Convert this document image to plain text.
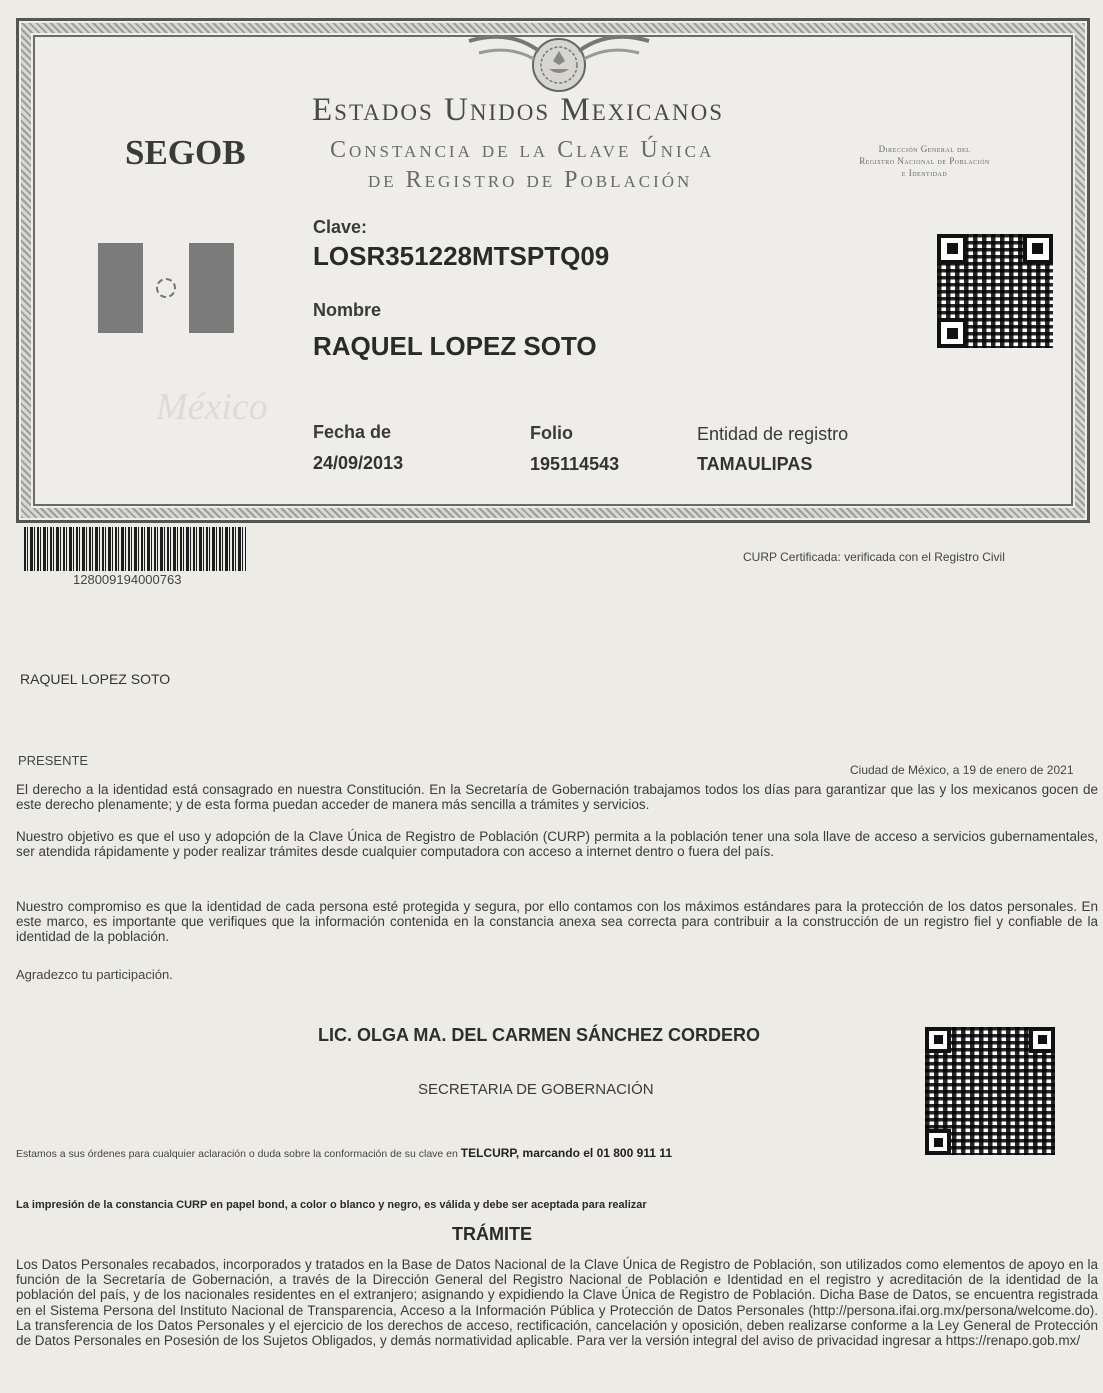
SEGOB
Estados Unidos Mexicanos
Constancia de la Clave Única
de Registro de Población
Dirección General del
Registro Nacional de Población
e Identidad
México
Clave:
LOSR351228MTSPTQ09
Nombre
RAQUEL LOPEZ SOTO
Fecha de
24/09/2013
Folio
195114543
Entidad de registro
TAMAULIPAS
128009194000763
CURP Certificada: verificada con el Registro Civil
RAQUEL LOPEZ SOTO
PRESENTE
Ciudad de México, a 19 de enero de 2021

El derecho a la identidad está consagrado en nuestra Constitución. En la Secretaría de Gobernación trabajamos todos los días para garantizar que las y los mexicanos gocen de este derecho plenamente; y de esta forma puedan acceder de manera más sencilla a trámites y servicios.

Nuestro objetivo es que el uso y adopción de la Clave Única de Registro de Población (CURP) permita a la población tener una sola llave de acceso a servicios gubernamentales, ser atendida rápidamente y poder realizar trámites desde cualquier computadora con acceso a internet dentro o fuera del país.

Nuestro compromiso es que la identidad de cada persona esté protegida y segura, por ello contamos con los máximos estándares para la protección de los datos personales. En este marco, es importante que verifiques que la información contenida en la constancia anexa sea correcta para contribuir a la construcción de un registro fiel y confiable de la identidad de la población.

Agradezco tu participación.
LIC. OLGA MA. DEL CARMEN SÁNCHEZ CORDERO
SECRETARIA DE GOBERNACIÓN
Estamos a sus órdenes para cualquier aclaración o duda sobre la conformación de su clave en TELCURP, marcando el 01 800 911 11
La impresión de la constancia CURP en papel bond, a color o blanco y negro, es válida y debe ser aceptada para realizar
TRÁMITE

Los Datos Personales recabados, incorporados y tratados en la Base de Datos Nacional de la Clave Única de Registro de Población, son utilizados como elementos de apoyo en la función de la Secretaría de Gobernación, a través de la Dirección General del Registro Nacional de Población e Identidad en el registro y acreditación de la identidad de la población del país, y de los nacionales residentes en el extranjero; asignando y expidiendo la Clave Única de Registro de Población. Dicha Base de Datos, se encuentra registrada en el Sistema Persona del Instituto Nacional de Transparencia, Acceso a la Información Pública y Protección de Datos Personales (http://persona.ifai.org.mx/persona/welcome.do). La transferencia de los Datos Personales y el ejercicio de los derechos de acceso, rectificación, cancelación y oposición, deben realizarse conforme a la Ley General de Protección de Datos Personales en Posesión de los Sujetos Obligados, y demás normatividad aplicable. Para ver la versión integral del aviso de privacidad ingresar a https://renapo.gob.mx/
